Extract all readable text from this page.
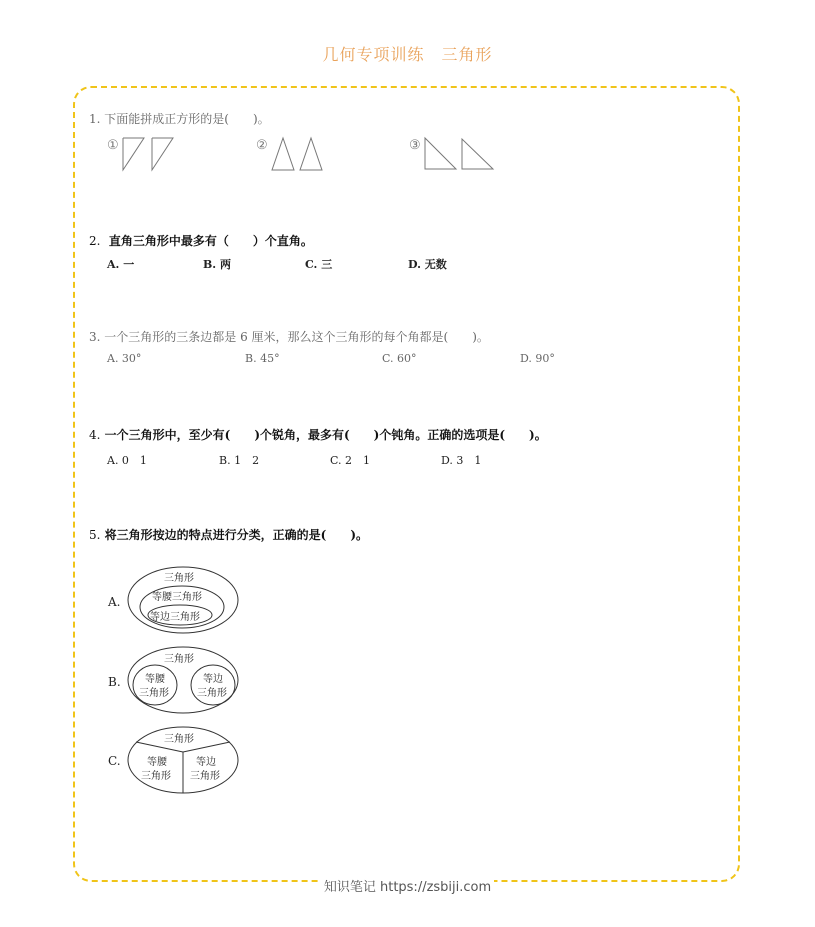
几何专项训练　三角形
1. 下面能拼成正方形的是(　　)。
①	②	③
2. 直角三角形中最多有（　　）个直角。
A. 一	B. 两	C. 三	D. 无数
3. 一个三角形的三条边都是 6 厘米，那么这个三角形的每个角都是(　　)。
A. 30°	B. 45°	C. 60°	D. 90°
4. 一个三角形中，至少有(　　)个锐角，最多有(　　)个钝角。正确的选项是(　　)。
A. 0　1	B. 1　2	C. 2　1	D. 3　1
5. 将三角形按边的特点进行分类，正确的是(　　)。
A.
三角形
等腰三角形
等边三角形
B.
三角形
等腰
三角形
等边
三角形
C.
三角形
等腰
三角形
等边
三角形
知识笔记 https://zsbiji.com
